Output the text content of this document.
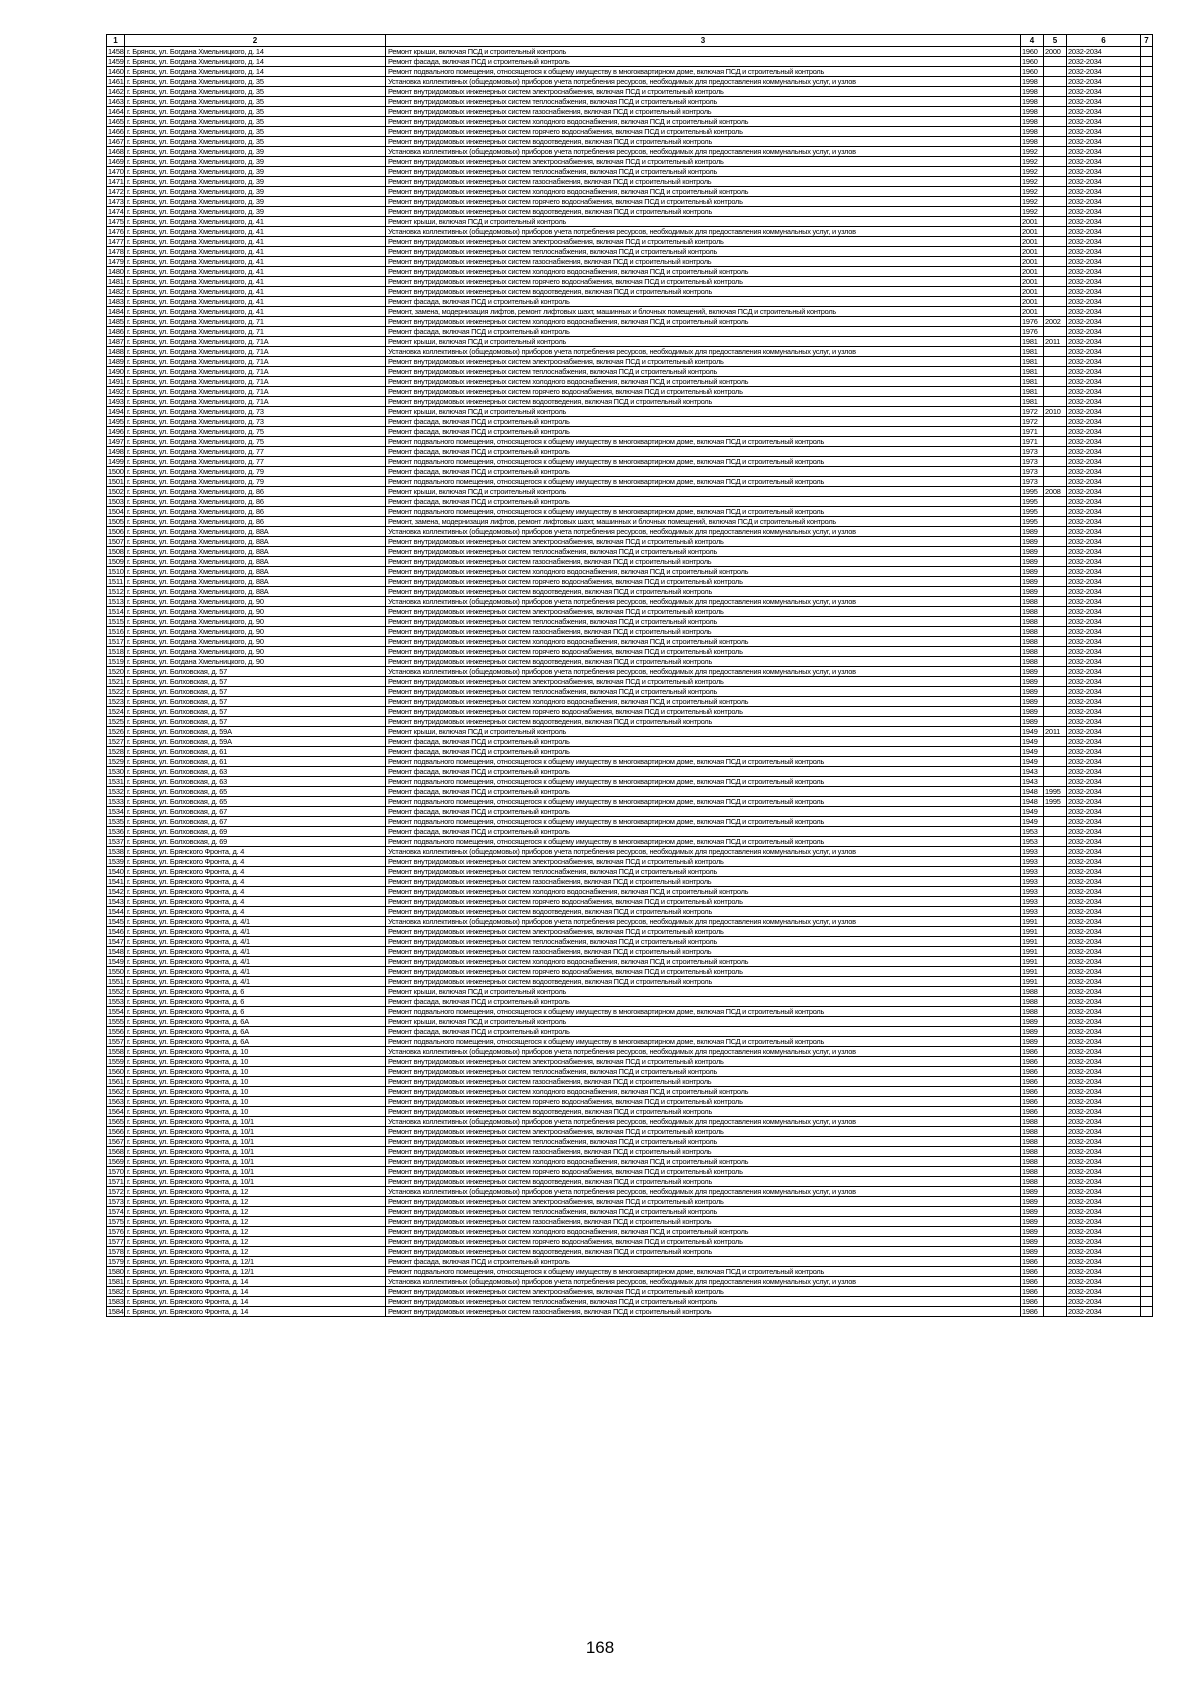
1	2	3	4	5	6	7
1458	г. Брянск, ул. Богдана Хмельницкого, д. 14	Ремонт крыши, включая ПСД и строительный контроль	1960	2000	2032-2034	
1459	г. Брянск, ул. Богдана Хмельницкого, д. 14	Ремонт фасада, включая ПСД и строительный контроль	1960		2032-2034	
1460	г. Брянск, ул. Богдана Хмельницкого, д. 14	Ремонт подвального помещения, относящегося к общему имуществу в многоквартирном доме, включая ПСД и строительный контроль	1960		2032-2034	
1461	г. Брянск, ул. Богдана Хмельницкого, д. 35	Установка коллективных (общедомовых) приборов учета потребления ресурсов, необходимых для предоставления коммунальных услуг, и узлов	1998		2032-2034	
1462	г. Брянск, ул. Богдана Хмельницкого, д. 35	Ремонт внутридомовых инженерных систем электроснабжения, включая ПСД и строительный контроль	1998		2032-2034	
1463	г. Брянск, ул. Богдана Хмельницкого, д. 35	Ремонт внутридомовых инженерных систем теплоснабжения, включая ПСД и строительный контроль	1998		2032-2034	
1464	г. Брянск, ул. Богдана Хмельницкого, д. 35	Ремонт внутридомовых инженерных систем газоснабжения, включая ПСД и строительный контроль	1998		2032-2034	
1465	г. Брянск, ул. Богдана Хмельницкого, д. 35	Ремонт внутридомовых инженерных систем холодного водоснабжения, включая ПСД и строительный контроль	1998		2032-2034	
1466	г. Брянск, ул. Богдана Хмельницкого, д. 35	Ремонт внутридомовых инженерных систем горячего водоснабжения, включая ПСД и строительный контроль	1998		2032-2034	
1467	г. Брянск, ул. Богдана Хмельницкого, д. 35	Ремонт внутридомовых инженерных систем водоотведения, включая ПСД и строительный контроль	1998		2032-2034	
1468	г. Брянск, ул. Богдана Хмельницкого, д. 39	Установка коллективных (общедомовых) приборов учета потребления ресурсов, необходимых для предоставления коммунальных услуг, и узлов	1992		2032-2034	
1469	г. Брянск, ул. Богдана Хмельницкого, д. 39	Ремонт внутридомовых инженерных систем электроснабжения, включая ПСД и строительный контроль	1992		2032-2034	
1470	г. Брянск, ул. Богдана Хмельницкого, д. 39	Ремонт внутридомовых инженерных систем теплоснабжения, включая ПСД и строительный контроль	1992		2032-2034	
1471	г. Брянск, ул. Богдана Хмельницкого, д. 39	Ремонт внутридомовых инженерных систем газоснабжения, включая ПСД и строительный контроль	1992		2032-2034	
1472	г. Брянск, ул. Богдана Хмельницкого, д. 39	Ремонт внутридомовых инженерных систем холодного водоснабжения, включая ПСД и строительный контроль	1992		2032-2034	
1473	г. Брянск, ул. Богдана Хмельницкого, д. 39	Ремонт внутридомовых инженерных систем горячего водоснабжения, включая ПСД и строительный контроль	1992		2032-2034	
1474	г. Брянск, ул. Богдана Хмельницкого, д. 39	Ремонт внутридомовых инженерных систем водоотведения, включая ПСД и строительный контроль	1992		2032-2034	
1475	г. Брянск, ул. Богдана Хмельницкого, д. 41	Ремонт крыши, включая ПСД и строительный контроль	2001		2032-2034	
1476	г. Брянск, ул. Богдана Хмельницкого, д. 41	Установка коллективных (общедомовых) приборов учета потребления ресурсов, необходимых для предоставления коммунальных услуг, и узлов	2001		2032-2034	
1477	г. Брянск, ул. Богдана Хмельницкого, д. 41	Ремонт внутридомовых инженерных систем электроснабжения, включая ПСД и строительный контроль	2001		2032-2034	
1478	г. Брянск, ул. Богдана Хмельницкого, д. 41	Ремонт внутридомовых инженерных систем теплоснабжения, включая ПСД и строительный контроль	2001		2032-2034	
1479	г. Брянск, ул. Богдана Хмельницкого, д. 41	Ремонт внутридомовых инженерных систем газоснабжения, включая ПСД и строительный контроль	2001		2032-2034	
1480	г. Брянск, ул. Богдана Хмельницкого, д. 41	Ремонт внутридомовых инженерных систем холодного водоснабжения, включая ПСД и строительный контроль	2001		2032-2034	
1481	г. Брянск, ул. Богдана Хмельницкого, д. 41	Ремонт внутридомовых инженерных систем горячего водоснабжения, включая ПСД и строительный контроль	2001		2032-2034	
1482	г. Брянск, ул. Богдана Хмельницкого, д. 41	Ремонт внутридомовых инженерных систем водоотведения, включая ПСД и строительный контроль	2001		2032-2034	
1483	г. Брянск, ул. Богдана Хмельницкого, д. 41	Ремонт фасада, включая ПСД и строительный контроль	2001		2032-2034	
1484	г. Брянск, ул. Богдана Хмельницкого, д. 41	Ремонт, замена, модернизация лифтов, ремонт лифтовых шахт, машинных и блочных помещений, включая ПСД и строительный контроль	2001		2032-2034	
1485	г. Брянск, ул. Богдана Хмельницкого, д. 71	Ремонт внутридомовых инженерных систем холодного водоснабжения, включая ПСД и строительный контроль	1976	2002	2032-2034	
1486	г. Брянск, ул. Богдана Хмельницкого, д. 71	Ремонт фасада, включая ПСД и строительный контроль	1976		2032-2034	
1487	г. Брянск, ул. Богдана Хмельницкого, д. 71А	Ремонт крыши, включая ПСД и строительный контроль	1981	2011	2032-2034	
1488	г. Брянск, ул. Богдана Хмельницкого, д. 71А	Установка коллективных (общедомовых) приборов учета потребления ресурсов, необходимых для предоставления коммунальных услуг, и узлов	1981		2032-2034	
1489	г. Брянск, ул. Богдана Хмельницкого, д. 71А	Ремонт внутридомовых инженерных систем электроснабжения, включая ПСД и строительный контроль	1981		2032-2034	
1490	г. Брянск, ул. Богдана Хмельницкого, д. 71А	Ремонт внутридомовых инженерных систем теплоснабжения, включая ПСД и строительный контроль	1981		2032-2034	
1491	г. Брянск, ул. Богдана Хмельницкого, д. 71А	Ремонт внутридомовых инженерных систем холодного водоснабжения, включая ПСД и строительный контроль	1981		2032-2034	
1492	г. Брянск, ул. Богдана Хмельницкого, д. 71А	Ремонт внутридомовых инженерных систем горячего водоснабжения, включая ПСД и строительный контроль	1981		2032-2034	
1493	г. Брянск, ул. Богдана Хмельницкого, д. 71А	Ремонт внутридомовых инженерных систем водоотведения, включая ПСД и строительный контроль	1981		2032-2034	
1494	г. Брянск, ул. Богдана Хмельницкого, д. 73	Ремонт крыши, включая ПСД и строительный контроль	1972	2010	2032-2034	
1495	г. Брянск, ул. Богдана Хмельницкого, д. 73	Ремонт фасада, включая ПСД и строительный контроль	1972		2032-2034	
1496	г. Брянск, ул. Богдана Хмельницкого, д. 75	Ремонт фасада, включая ПСД и строительный контроль	1971		2032-2034	
1497	г. Брянск, ул. Богдана Хмельницкого, д. 75	Ремонт подвального помещения, относящегося к общему имуществу в многоквартирном доме, включая ПСД и строительный контроль	1971		2032-2034	
1498	г. Брянск, ул. Богдана Хмельницкого, д. 77	Ремонт фасада, включая ПСД и строительный контроль	1973		2032-2034	
1499	г. Брянск, ул. Богдана Хмельницкого, д. 77	Ремонт подвального помещения, относящегося к общему имуществу в многоквартирном доме, включая ПСД и строительный контроль	1973		2032-2034	
1500	г. Брянск, ул. Богдана Хмельницкого, д. 79	Ремонт фасада, включая ПСД и строительный контроль	1973		2032-2034	
1501	г. Брянск, ул. Богдана Хмельницкого, д. 79	Ремонт подвального помещения, относящегося к общему имуществу в многоквартирном доме, включая ПСД и строительный контроль	1973		2032-2034	
1502	г. Брянск, ул. Богдана Хмельницкого, д. 86	Ремонт крыши, включая ПСД и строительный контроль	1995	2008	2032-2034	
1503	г. Брянск, ул. Богдана Хмельницкого, д. 86	Ремонт фасада, включая ПСД и строительный контроль	1995		2032-2034	
1504	г. Брянск, ул. Богдана Хмельницкого, д. 86	Ремонт подвального помещения, относящегося к общему имуществу в многоквартирном доме, включая ПСД и строительный контроль	1995		2032-2034	
1505	г. Брянск, ул. Богдана Хмельницкого, д. 86	Ремонт, замена, модернизация лифтов, ремонт лифтовых шахт, машинных и блочных помещений, включая ПСД и строительный контроль	1995		2032-2034	
1506	г. Брянск, ул. Богдана Хмельницкого, д. 88А	Установка коллективных (общедомовых) приборов учета потребления ресурсов, необходимых для предоставления коммунальных услуг, и узлов	1989		2032-2034	
1507	г. Брянск, ул. Богдана Хмельницкого, д. 88А	Ремонт внутридомовых инженерных систем электроснабжения, включая ПСД и строительный контроль	1989		2032-2034	
1508	г. Брянск, ул. Богдана Хмельницкого, д. 88А	Ремонт внутридомовых инженерных систем теплоснабжения, включая ПСД и строительный контроль	1989		2032-2034	
1509	г. Брянск, ул. Богдана Хмельницкого, д. 88А	Ремонт внутридомовых инженерных систем газоснабжения, включая ПСД и строительный контроль	1989		2032-2034	
1510	г. Брянск, ул. Богдана Хмельницкого, д. 88А	Ремонт внутридомовых инженерных систем холодного водоснабжения, включая ПСД и строительный контроль	1989		2032-2034	
1511	г. Брянск, ул. Богдана Хмельницкого, д. 88А	Ремонт внутридомовых инженерных систем горячего водоснабжения, включая ПСД и строительный контроль	1989		2032-2034	
1512	г. Брянск, ул. Богдана Хмельницкого, д. 88А	Ремонт внутридомовых инженерных систем водоотведения, включая ПСД и строительный контроль	1989		2032-2034	
1513	г. Брянск, ул. Богдана Хмельницкого, д. 90	Установка коллективных (общедомовых) приборов учета потребления ресурсов, необходимых для предоставления коммунальных услуг, и узлов	1988		2032-2034	
1514	г. Брянск, ул. Богдана Хмельницкого, д. 90	Ремонт внутридомовых инженерных систем электроснабжения, включая ПСД и строительный контроль	1988		2032-2034	
1515	г. Брянск, ул. Богдана Хмельницкого, д. 90	Ремонт внутридомовых инженерных систем теплоснабжения, включая ПСД и строительный контроль	1988		2032-2034	
1516	г. Брянск, ул. Богдана Хмельницкого, д. 90	Ремонт внутридомовых инженерных систем газоснабжения, включая ПСД и строительный контроль	1988		2032-2034	
1517	г. Брянск, ул. Богдана Хмельницкого, д. 90	Ремонт внутридомовых инженерных систем холодного водоснабжения, включая ПСД и строительный контроль	1988		2032-2034	
1518	г. Брянск, ул. Богдана Хмельницкого, д. 90	Ремонт внутридомовых инженерных систем горячего водоснабжения, включая ПСД и строительный контроль	1988		2032-2034	
1519	г. Брянск, ул. Богдана Хмельницкого, д. 90	Ремонт внутридомовых инженерных систем водоотведения, включая ПСД и строительный контроль	1988		2032-2034	
1520	г. Брянск, ул. Болховская, д. 57	Установка коллективных (общедомовых) приборов учета потребления ресурсов, необходимых для предоставления коммунальных услуг, и узлов	1989		2032-2034	
1521	г. Брянск, ул. Болховская, д. 57	Ремонт внутридомовых инженерных систем электроснабжения, включая ПСД и строительный контроль	1989		2032-2034	
1522	г. Брянск, ул. Болховская, д. 57	Ремонт внутридомовых инженерных систем теплоснабжения, включая ПСД и строительный контроль	1989		2032-2034	
1523	г. Брянск, ул. Болховская, д. 57	Ремонт внутридомовых инженерных систем холодного водоснабжения, включая ПСД и строительный контроль	1989		2032-2034	
1524	г. Брянск, ул. Болховская, д. 57	Ремонт внутридомовых инженерных систем горячего водоснабжения, включая ПСД и строительный контроль	1989		2032-2034	
1525	г. Брянск, ул. Болховская, д. 57	Ремонт внутридомовых инженерных систем водоотведения, включая ПСД и строительный контроль	1989		2032-2034	
1526	г. Брянск, ул. Болховская, д. 59А	Ремонт крыши, включая ПСД и строительный контроль	1949	2011	2032-2034	
1527	г. Брянск, ул. Болховская, д. 59А	Ремонт фасада, включая ПСД и строительный контроль	1949		2032-2034	
1528	г. Брянск, ул. Болховская, д. 61	Ремонт фасада, включая ПСД и строительный контроль	1949		2032-2034	
1529	г. Брянск, ул. Болховская, д. 61	Ремонт подвального помещения, относящегося к общему имуществу в многоквартирном доме, включая ПСД и строительный контроль	1949		2032-2034	
1530	г. Брянск, ул. Болховская, д. 63	Ремонт фасада, включая ПСД и строительный контроль	1943		2032-2034	
1531	г. Брянск, ул. Болховская, д. 63	Ремонт подвального помещения, относящегося к общему имуществу в многоквартирном доме, включая ПСД и строительный контроль	1943		2032-2034	
1532	г. Брянск, ул. Болховская, д. 65	Ремонт фасада, включая ПСД и строительный контроль	1948	1995	2032-2034	
1533	г. Брянск, ул. Болховская, д. 65	Ремонт подвального помещения, относящегося к общему имуществу в многоквартирном доме, включая ПСД и строительный контроль	1948	1995	2032-2034	
1534	г. Брянск, ул. Болховская, д. 67	Ремонт фасада, включая ПСД и строительный контроль	1949		2032-2034	
1535	г. Брянск, ул. Болховская, д. 67	Ремонт подвального помещения, относящегося к общему имуществу в многоквартирном доме, включая ПСД и строительный контроль	1949		2032-2034	
1536	г. Брянск, ул. Болховская, д. 69	Ремонт фасада, включая ПСД и строительный контроль	1953		2032-2034	
1537	г. Брянск, ул. Болховская, д. 69	Ремонт подвального помещения, относящегося к общему имуществу в многоквартирном доме, включая ПСД и строительный контроль	1953		2032-2034	
1538	г. Брянск, ул. Брянского Фронта, д. 4	Установка коллективных (общедомовых) приборов учета потребления ресурсов, необходимых для предоставления коммунальных услуг, и узлов	1993		2032-2034	
1539	г. Брянск, ул. Брянского Фронта, д. 4	Ремонт внутридомовых инженерных систем электроснабжения, включая ПСД и строительный контроль	1993		2032-2034	
1540	г. Брянск, ул. Брянского Фронта, д. 4	Ремонт внутридомовых инженерных систем теплоснабжения, включая ПСД и строительный контроль	1993		2032-2034	
1541	г. Брянск, ул. Брянского Фронта, д. 4	Ремонт внутридомовых инженерных систем газоснабжения, включая ПСД и строительный контроль	1993		2032-2034	
1542	г. Брянск, ул. Брянского Фронта, д. 4	Ремонт внутридомовых инженерных систем холодного водоснабжения, включая ПСД и строительный контроль	1993		2032-2034	
1543	г. Брянск, ул. Брянского Фронта, д. 4	Ремонт внутридомовых инженерных систем горячего водоснабжения, включая ПСД и строительный контроль	1993		2032-2034	
1544	г. Брянск, ул. Брянского Фронта, д. 4	Ремонт внутридомовых инженерных систем водоотведения, включая ПСД и строительный контроль	1993		2032-2034	
1545	г. Брянск, ул. Брянского Фронта, д. 4/1	Установка коллективных (общедомовых) приборов учета потребления ресурсов, необходимых для предоставления коммунальных услуг, и узлов	1991		2032-2034	
1546	г. Брянск, ул. Брянского Фронта, д. 4/1	Ремонт внутридомовых инженерных систем электроснабжения, включая ПСД и строительный контроль	1991		2032-2034	
1547	г. Брянск, ул. Брянского Фронта, д. 4/1	Ремонт внутридомовых инженерных систем теплоснабжения, включая ПСД и строительный контроль	1991		2032-2034	
1548	г. Брянск, ул. Брянского Фронта, д. 4/1	Ремонт внутридомовых инженерных систем газоснабжения, включая ПСД и строительный контроль	1991		2032-2034	
1549	г. Брянск, ул. Брянского Фронта, д. 4/1	Ремонт внутридомовых инженерных систем холодного водоснабжения, включая ПСД и строительный контроль	1991		2032-2034	
1550	г. Брянск, ул. Брянского Фронта, д. 4/1	Ремонт внутридомовых инженерных систем горячего водоснабжения, включая ПСД и строительный контроль	1991		2032-2034	
1551	г. Брянск, ул. Брянского Фронта, д. 4/1	Ремонт внутридомовых инженерных систем водоотведения, включая ПСД и строительный контроль	1991		2032-2034	
1552	г. Брянск, ул. Брянского Фронта, д. 6	Ремонт крыши, включая ПСД и строительный контроль	1988		2032-2034	
1553	г. Брянск, ул. Брянского Фронта, д. 6	Ремонт фасада, включая ПСД и строительный контроль	1988		2032-2034	
1554	г. Брянск, ул. Брянского Фронта, д. 6	Ремонт подвального помещения, относящегося к общему имуществу в многоквартирном доме, включая ПСД и строительный контроль	1988		2032-2034	
1555	г. Брянск, ул. Брянского Фронта, д. 6А	Ремонт крыши, включая ПСД и строительный контроль	1989		2032-2034	
1556	г. Брянск, ул. Брянского Фронта, д. 6А	Ремонт фасада, включая ПСД и строительный контроль	1989		2032-2034	
1557	г. Брянск, ул. Брянского Фронта, д. 6А	Ремонт подвального помещения, относящегося к общему имуществу в многоквартирном доме, включая ПСД и строительный контроль	1989		2032-2034	
1558	г. Брянск, ул. Брянского Фронта, д. 10	Установка коллективных (общедомовых) приборов учета потребления ресурсов, необходимых для предоставления коммунальных услуг, и узлов	1986		2032-2034	
1559	г. Брянск, ул. Брянского Фронта, д. 10	Ремонт внутридомовых инженерных систем электроснабжения, включая ПСД и строительный контроль	1986		2032-2034	
1560	г. Брянск, ул. Брянского Фронта, д. 10	Ремонт внутридомовых инженерных систем теплоснабжения, включая ПСД и строительный контроль	1986		2032-2034	
1561	г. Брянск, ул. Брянского Фронта, д. 10	Ремонт внутридомовых инженерных систем газоснабжения, включая ПСД и строительный контроль	1986		2032-2034	
1562	г. Брянск, ул. Брянского Фронта, д. 10	Ремонт внутридомовых инженерных систем холодного водоснабжения, включая ПСД и строительный контроль	1986		2032-2034	
1563	г. Брянск, ул. Брянского Фронта, д. 10	Ремонт внутридомовых инженерных систем горячего водоснабжения, включая ПСД и строительный контроль	1986		2032-2034	
1564	г. Брянск, ул. Брянского Фронта, д. 10	Ремонт внутридомовых инженерных систем водоотведения, включая ПСД и строительный контроль	1986		2032-2034	
1565	г. Брянск, ул. Брянского Фронта, д. 10/1	Установка коллективных (общедомовых) приборов учета потребления ресурсов, необходимых для предоставления коммунальных услуг, и узлов	1988		2032-2034	
1566	г. Брянск, ул. Брянского Фронта, д. 10/1	Ремонт внутридомовых инженерных систем электроснабжения, включая ПСД и строительный контроль	1988		2032-2034	
1567	г. Брянск, ул. Брянского Фронта, д. 10/1	Ремонт внутридомовых инженерных систем теплоснабжения, включая ПСД и строительный контроль	1988		2032-2034	
1568	г. Брянск, ул. Брянского Фронта, д. 10/1	Ремонт внутридомовых инженерных систем газоснабжения, включая ПСД и строительный контроль	1988		2032-2034	
1569	г. Брянск, ул. Брянского Фронта, д. 10/1	Ремонт внутридомовых инженерных систем холодного водоснабжения, включая ПСД и строительный контроль	1988		2032-2034	
1570	г. Брянск, ул. Брянского Фронта, д. 10/1	Ремонт внутридомовых инженерных систем горячего водоснабжения, включая ПСД и строительный контроль	1988		2032-2034	
1571	г. Брянск, ул. Брянского Фронта, д. 10/1	Ремонт внутридомовых инженерных систем водоотведения, включая ПСД и строительный контроль	1988		2032-2034	
1572	г. Брянск, ул. Брянского Фронта, д. 12	Установка коллективных (общедомовых) приборов учета потребления ресурсов, необходимых для предоставления коммунальных услуг, и узлов	1989		2032-2034	
1573	г. Брянск, ул. Брянского Фронта, д. 12	Ремонт внутридомовых инженерных систем электроснабжения, включая ПСД и строительный контроль	1989		2032-2034	
1574	г. Брянск, ул. Брянского Фронта, д. 12	Ремонт внутридомовых инженерных систем теплоснабжения, включая ПСД и строительный контроль	1989		2032-2034	
1575	г. Брянск, ул. Брянского Фронта, д. 12	Ремонт внутридомовых инженерных систем газоснабжения, включая ПСД и строительный контроль	1989		2032-2034	
1576	г. Брянск, ул. Брянского Фронта, д. 12	Ремонт внутридомовых инженерных систем холодного водоснабжения, включая ПСД и строительный контроль	1989		2032-2034	
1577	г. Брянск, ул. Брянского Фронта, д. 12	Ремонт внутридомовых инженерных систем горячего водоснабжения, включая ПСД и строительный контроль	1989		2032-2034	
1578	г. Брянск, ул. Брянского Фронта, д. 12	Ремонт внутридомовых инженерных систем водоотведения, включая ПСД и строительный контроль	1989		2032-2034	
1579	г. Брянск, ул. Брянского Фронта, д. 12/1	Ремонт фасада, включая ПСД и строительный контроль	1986		2032-2034	
1580	г. Брянск, ул. Брянского Фронта, д. 12/1	Ремонт подвального помещения, относящегося к общему имуществу в многоквартирном доме, включая ПСД и строительный контроль	1986		2032-2034	
1581	г. Брянск, ул. Брянского Фронта, д. 14	Установка коллективных (общедомовых) приборов учета потребления ресурсов, необходимых для предоставления коммунальных услуг, и узлов	1986		2032-2034	
1582	г. Брянск, ул. Брянского Фронта, д. 14	Ремонт внутридомовых инженерных систем электроснабжения, включая ПСД и строительный контроль	1986		2032-2034	
1583	г. Брянск, ул. Брянского Фронта, д. 14	Ремонт внутридомовых инженерных систем теплоснабжения, включая ПСД и строительный контроль	1986		2032-2034	
1584	г. Брянск, ул. Брянского Фронта, д. 14	Ремонт внутридомовых инженерных систем газоснабжения, включая ПСД и строительный контроль	1986		2032-2034	
168
